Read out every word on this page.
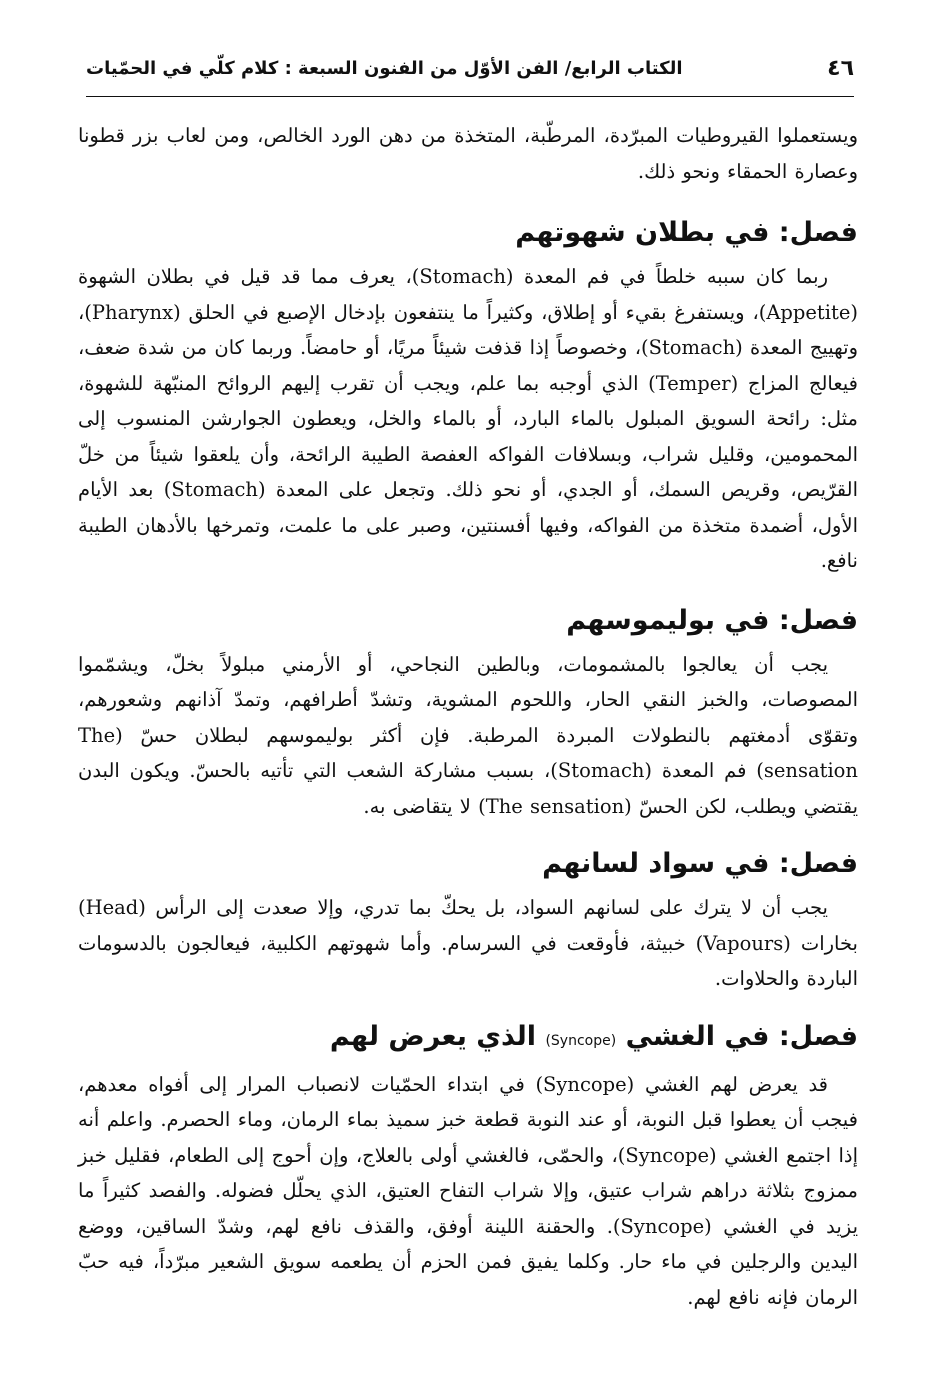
٤٦
الكتاب الرابع/ الفن الأوّل من الفنون السبعة : كلام كلّي في الحمّيات

ويستعملوا القيروطيات المبرّدة، المرطّبة، المتخذة من دهن الورد الخالص، ومن لعاب بزر قطونا وعصارة الحمقاء ونحو ذلك.

فصل: في بطلان شهوتهم

ربما كان سببه خلطاً في فم المعدة (Stomach)، يعرف مما قد قيل في بطلان الشهوة (Appetite)، ويستفرغ بقيء أو إطلاق، وكثيراً ما ينتفعون بإدخال الإصبع في الحلق (Pharynx)، وتهييج المعدة (Stomach)، وخصوصاً إذا قذفت شيئاً مريًا، أو حامضاً. وربما كان من شدة ضعف، فيعالج المزاج (Temper) الذي أوجبه بما علم، ويجب أن تقرب إليهم الروائح المنبّهة للشهوة، مثل: رائحة السويق المبلول بالماء البارد، أو بالماء والخل، ويعطون الجوارشن المنسوب إلى المحمومين، وقليل شراب، وبسلافات الفواكه العفصة الطيبة الرائحة، وأن يلعقوا شيئاً من خلّ القرّيص، وقريص السمك، أو الجدي، أو نحو ذلك. وتجعل على المعدة (Stomach) بعد الأيام الأول، أضمدة متخذة من الفواكه، وفيها أفسنتين، وصبر على ما علمت، وتمرخها بالأدهان الطيبة نافع.

فصل: في بوليموسهم

يجب أن يعالجوا بالمشمومات، وبالطين النجاحي، أو الأرمني مبلولاً بخلّ، ويشمّموا المصوصات، والخبز النقي الحار، واللحوم المشوية، وتشدّ أطرافهم، وتمدّ آذانهم وشعورهم، وتقوّى أدمغتهم بالنطولات المبردة المرطبة. فإن أكثر بوليموسهم لبطلان حسّ (The sensation) فم المعدة (Stomach)، بسبب مشاركة الشعب التي تأتيه بالحسّ. ويكون البدن يقتضي ويطلب، لكن الحسّ (The sensation) لا يتقاضى به.

فصل: في سواد لسانهم

يجب أن لا يترك على لسانهم السواد، بل يحكّ بما تدري، وإلا صعدت إلى الرأس (Head) بخارات (Vapours) خبيثة، فأوقعت في السرسام. وأما شهوتهم الكلبية، فيعالجون بالدسومات الباردة والحلاوات.

فصل: في الغشي (Syncope) الذي يعرض لهم

قد يعرض لهم الغشي (Syncope) في ابتداء الحمّيات لانصباب المرار إلى أفواه معدهم، فيجب أن يعطوا قبل النوبة، أو عند النوبة قطعة خبز سميذ بماء الرمان، وماء الحصرم. واعلم أنه إذا اجتمع الغشي (Syncope)، والحمّى، فالغشي أولى بالعلاج، وإن أحوج إلى الطعام، فقليل خبز ممزوج بثلاثة دراهم شراب عتيق، وإلا شراب التفاح العتيق، الذي يحلّل فضوله. والفصد كثيراً ما يزيد في الغشي (Syncope). والحقنة اللينة أوفق، والقذف نافع لهم، وشدّ الساقين، ووضع اليدين والرجلين في ماء حار. وكلما يفيق فمن الحزم أن يطعمه سويق الشعير مبرّداً، فيه حبّ الرمان فإنه نافع لهم.
